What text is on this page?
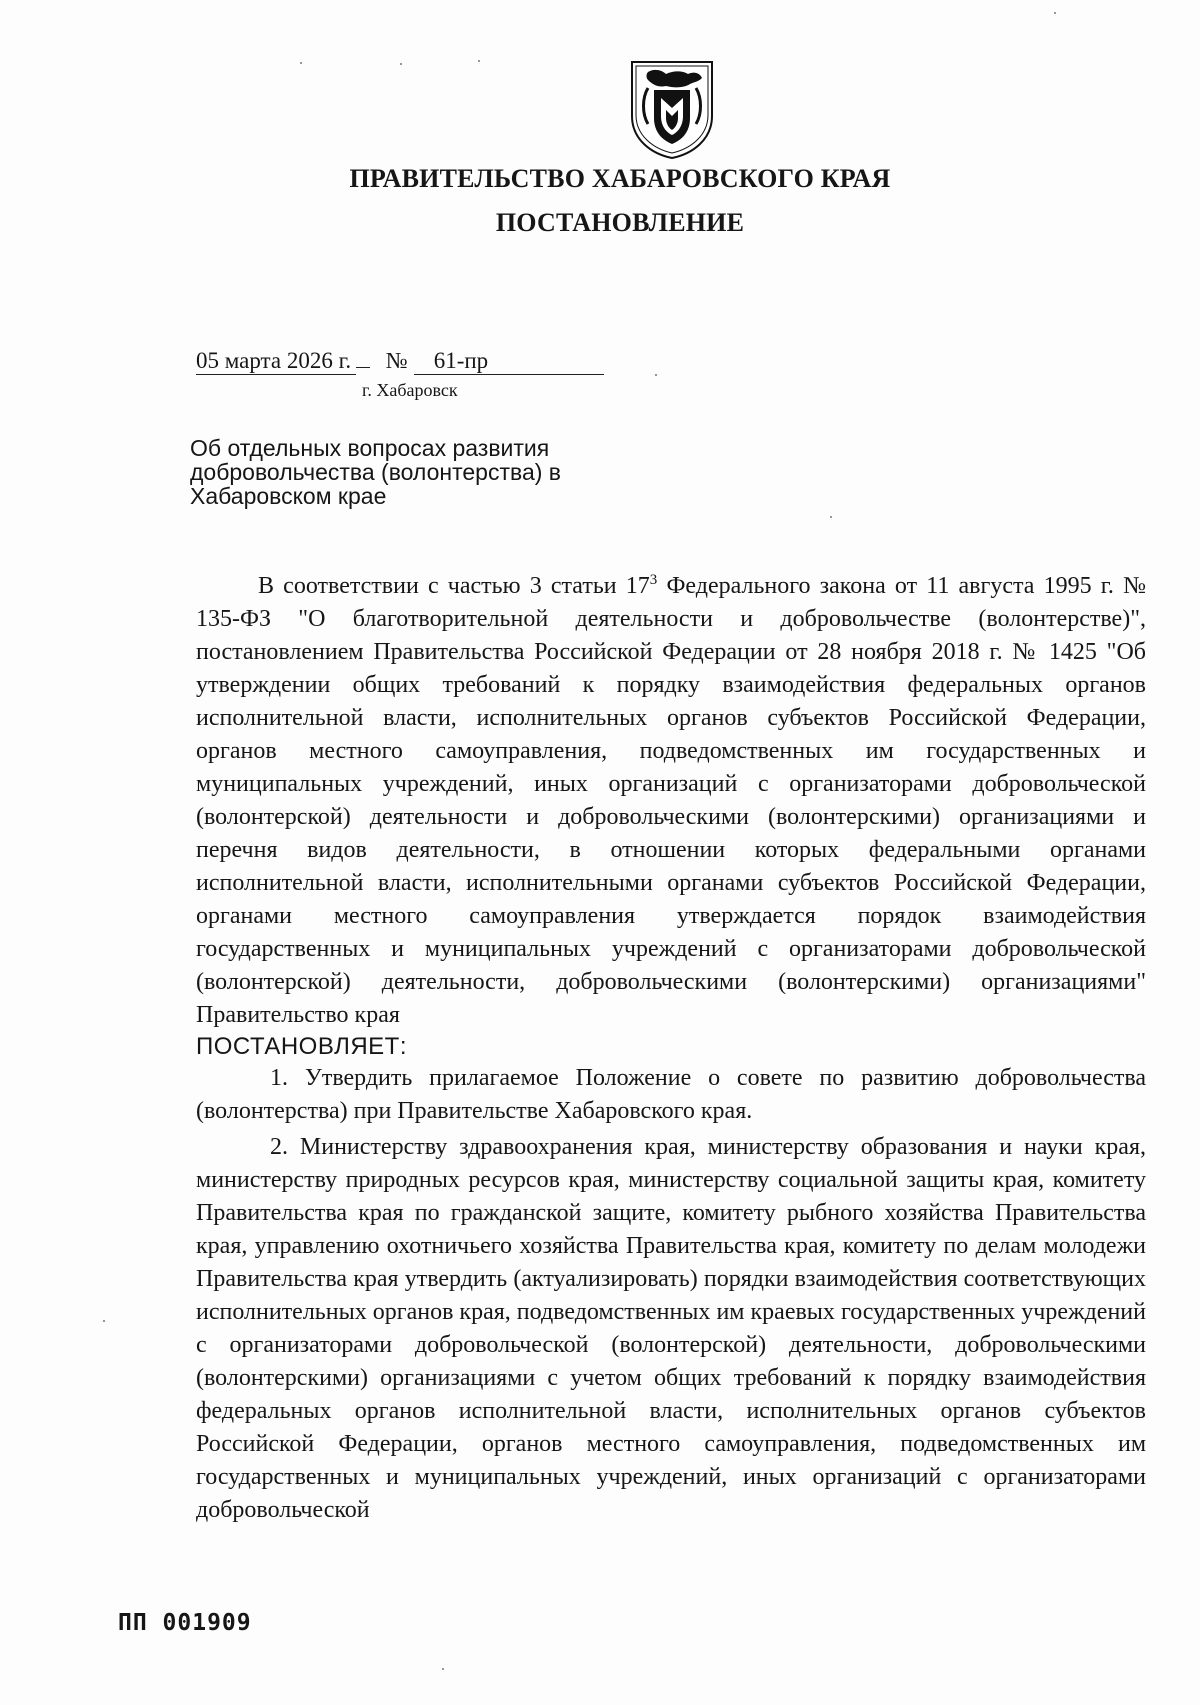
ПРАВИТЕЛЬСТВО ХАБАРОВСКОГО КРАЯ
ПОСТАНОВЛЕНИЕ
05 марта 2026 г. № 61-пр
г. Хабаровск
Об отдельных вопросах развития
добровольчества (волонтерства) в
Хабаровском крае

В соответствии с частью 3 статьи $17^3$ Федерального закона от 11 августа 1995 г. № 135-ФЗ "О благотворительной деятельности и добровольчестве (волонтерстве)", постановлением Правительства Российской Федерации от 28 ноября 2018 г. № 1425 "Об утверждении общих требований к порядку взаимодействия федеральных органов исполнительной власти, исполнительных органов субъектов Российской Федерации, органов местного самоуправления, подведомственных им государственных и муниципальных учреждений, иных организаций с организаторами добровольческой (волонтерской) деятельности и добровольческими (волонтерскими) организациями и перечня видов деятельности, в отношении которых федеральными органами исполнительной власти, исполнительными органами субъектов Российской Федерации, органами местного самоуправления утверждается порядок взаимодействия государственных и муниципальных учреждений с организаторами добровольческой (волонтерской) деятельности, добровольческими (волонтерскими) организациями" Правительство края

ПОСТАНОВЛЯЕТ:

1. Утвердить прилагаемое Положение о совете по развитию добровольчества (волонтерства) при Правительстве Хабаровского края.

2. Министерству здравоохранения края, министерству образования и науки края, министерству природных ресурсов края, министерству социальной защиты края, комитету Правительства края по гражданской защите, комитету рыбного хозяйства Правительства края, управлению охотничьего хозяйства Правительства края, комитету по делам молодежи Правительства края утвердить (актуализировать) порядки взаимодействия соответствующих исполнительных органов края, подведомственных им краевых государственных учреждений с организаторами добровольческой (волонтерской) деятельности, добровольческими (волонтерскими) организациями с учетом общих требований к порядку взаимодействия федеральных органов исполнительной власти, исполнительных органов субъектов Российской Федерации, органов местного самоуправления, подведомственных им государственных и муниципальных учреждений, иных организаций с организаторами добровольческой

ПП 001909
